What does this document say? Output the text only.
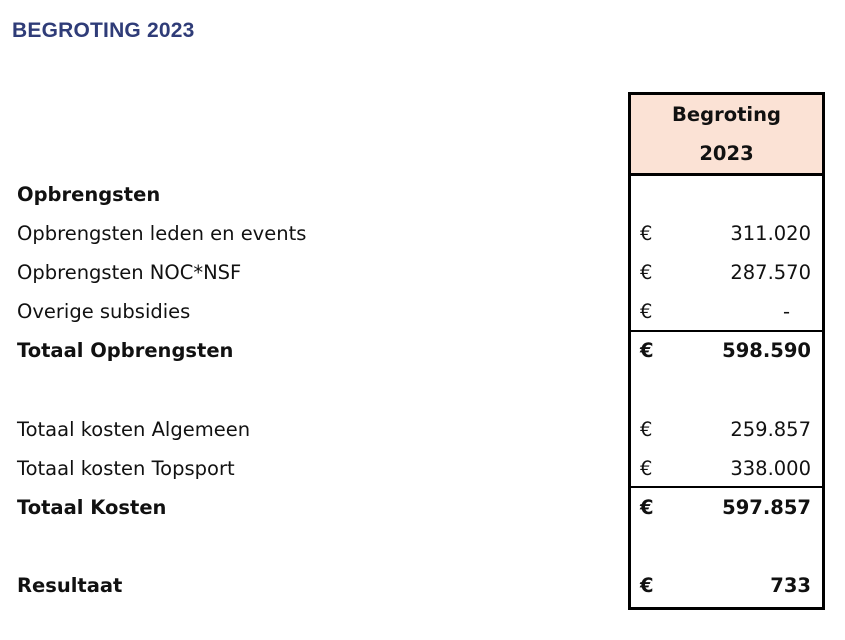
BEGROTING 2023
Begroting
2023
Opbrengsten
Opbrengsten leden en events	€	311.020
Opbrengsten NOC*NSF	€	287.570
Overige subsidies	€	-
Totaal Opbrengsten	€	598.590
Totaal kosten Algemeen	€	259.857
Totaal kosten Topsport	€	338.000
Totaal Kosten	€	597.857
Resultaat	€	733
